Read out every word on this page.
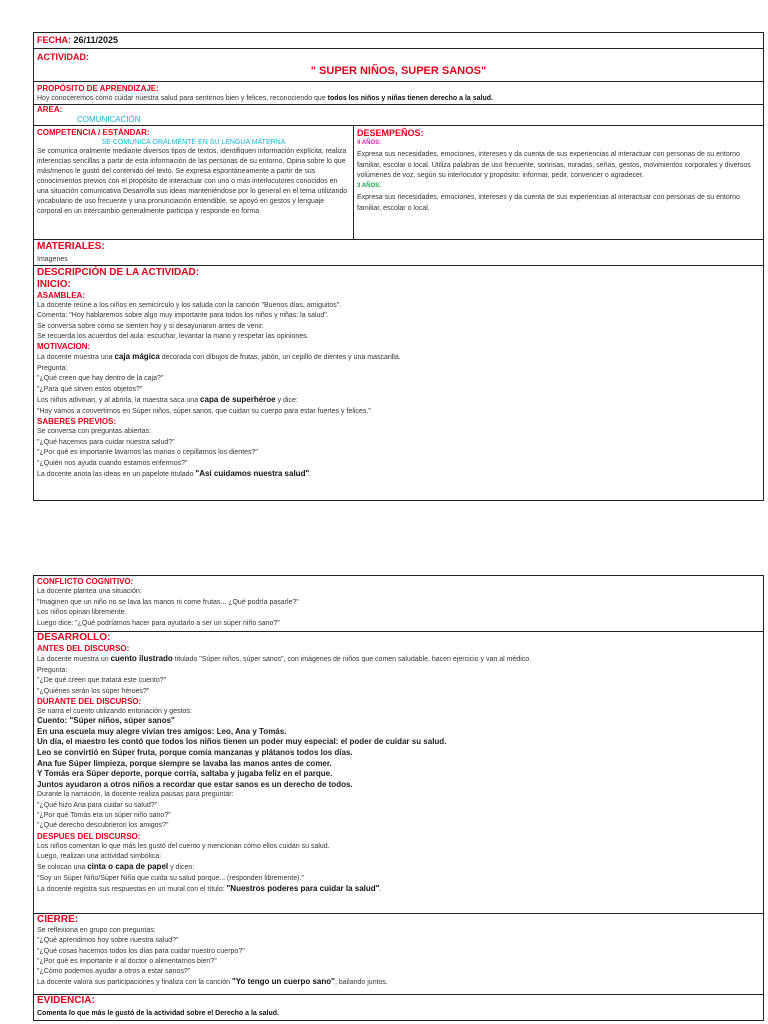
FECHA: 26/11/2025
ACTIVIDAD:
" SUPER NIÑOS, SUPER SANOS"
PROPÓSITO DE APRENDIZAJE:
Hoy conoceremos cómo cuidar nuestra salud para sentirnos bien y felices, reconociendo que todos los niños y niñas tienen derecho a la salud.
AREA:
COMUNICACIÓN
COMPETENCIA / ESTÁNDAR:
SE COMUNICA ORALMENTE EN SU LENGUA MATERNA
Se comunica oralmente mediante diversos tipos de textos, identifiquen información explícita, realiza inferencias sencillas a partir de esta información de las personas de su entorno. Opina sobre lo que más/menos le gustó del contenido del texto. Se expresa espontáneamente a partir de sus conocimientos previos con el propósito de interactuar con uno o más interlocutores conocidos en una situación comunicativa Desarrolla sus ideas manteniéndose por lo general en el tema utilizando vocabulario de uso frecuente y una pronunciación entendible, se apoyó en gestos y lenguaje corporal en un intercambio generalmente participa y responde en forma
DESEMPEÑOS:
4 AÑOS:
Expresa sus necesidades, emociones, intereses y da cuenta de sus experiencias al interactuar con personas de su entorno familiar, escolar o local. Utiliza palabras de uso frecuente, sonrisas, miradas, señas, gestos, movimientos corporales y diversos volúmenes de voz, según su interlocutor y propósito: informar, pedir, convencer o agradecer.
3 AÑOS:
Expresa sus necesidades, emociones, intereses y da cuenta de sus experiencias al interactuar con personas de su entorno familiar, escolar o local.
MATERIALES:
Imagenes
DESCRIPCIÓN DE LA ACTIVIDAD:
INICIO:
ASAMBLEA:
La docente reúne a los niños en semicírculo y los saluda con la canción "Buenos días, amiguitos".
Comenta: "Hoy hablaremos sobre algo muy importante para todos los niños y niñas: la salud".
Se conversa sobre cómo se sienten hoy y si desayunaron antes de venir.
Se recuerda los acuerdos del aula: escuchar, levantar la mano y respetar las opiniones.
MOTIVACION:
La docente muestra una caja mágica decorada con dibujos de frutas, jabón, un cepillo de dientes y una mascarilla.
Pregunta:
"¿Qué creen que hay dentro de la caja?"
"¿Para qué sirven estos objetos?"
Los niños adivinan, y al abrirla, la maestra saca una capa de superhéroe y dice:
"Hoy vamos a convertirnos en Súper niños, súper sanos, que cuidan su cuerpo para estar fuertes y felices."
SABERES PREVIOS:
Se conversa con preguntas abiertas:
"¿Qué hacemos para cuidar nuestra salud?"
"¿Por qué es importante lavarnos las manos o cepillarnos los dientes?"
"¿Quién nos ayuda cuando estamos enfermos?"
La docente anota las ideas en un papelote titulado "Así cuidamos nuestra salud".
CONFLICTO COGNITIVO:
La docente plantea una situación:
"Imaginen que un niño no se lava las manos ni come frutas... ¿Qué podría pasarle?"
Los niños opinan libremente.
Luego dice: "¿Qué podríamos hacer para ayudarlo a ser un súper niño sano?"
DESARROLLO:
ANTES DEL DISCURSO:
La docente muestra un cuento ilustrado titulado "Súper niños, súper sanos", con imágenes de niños que comen saludable, hacen ejercicio y van al médico.
Pregunta:
"¿De qué creen que tratará este cuento?"
"¿Quiénes serán los súper héroes?"
DURANTE DEL DISCURSO:
Se narra el cuento utilizando entonación y gestos:
Cuento: "Súper niños, súper sanos"
En una escuela muy alegre vivían tres amigos: Leo, Ana y Tomás.
Un día, el maestro les contó que todos los niños tienen un poder muy especial: el poder de cuidar su salud.
Leo se convirtió en Súper fruta, porque comía manzanas y plátanos todos los días.
Ana fue Súper limpieza, porque siempre se lavaba las manos antes de comer.
Y Tomás era Súper deporte, porque corría, saltaba y jugaba feliz en el parque.
Juntos ayudaron a otros niños a recordar que estar sanos es un derecho de todos.
Durante la narración, la docente realiza pausas para preguntar:
"¿Qué hizo Ana para cuidar su salud?"
"¿Por qué Tomás era un súper niño sano?"
"¿Qué derecho descubrieron los amigos?"
DESPUES DEL DISCURSO:
Los niños comentan lo que más les gustó del cuento y mencionan cómo ellos cuidan su salud.
Luego, realizan una actividad simbólica:
Se colocan una cinta o capa de papel y dicen:
"Soy un Súper Niño/Súper Niña que cuida su salud porque... (responden libremente)."
La docente registra sus respuestas en un mural con el título: "Nuestros poderes para cuidar la salud".
CIERRE:
Se reflexiona en grupo con preguntas:
"¿Qué aprendimos hoy sobre nuestra salud?"
"¿Qué cosas hacemos todos los días para cuidar nuestro cuerpo?"
"¿Por qué es importante ir al doctor o alimentarnos bien?"
"¿Cómo podemos ayudar a otros a estar sanos?"
La docente valora sus participaciones y finaliza con la canción "Yo tengo un cuerpo sano", bailando juntos.
EVIDENCIA:
Comenta lo que más le gustó de la actividad sobre el Derecho a la salud.
